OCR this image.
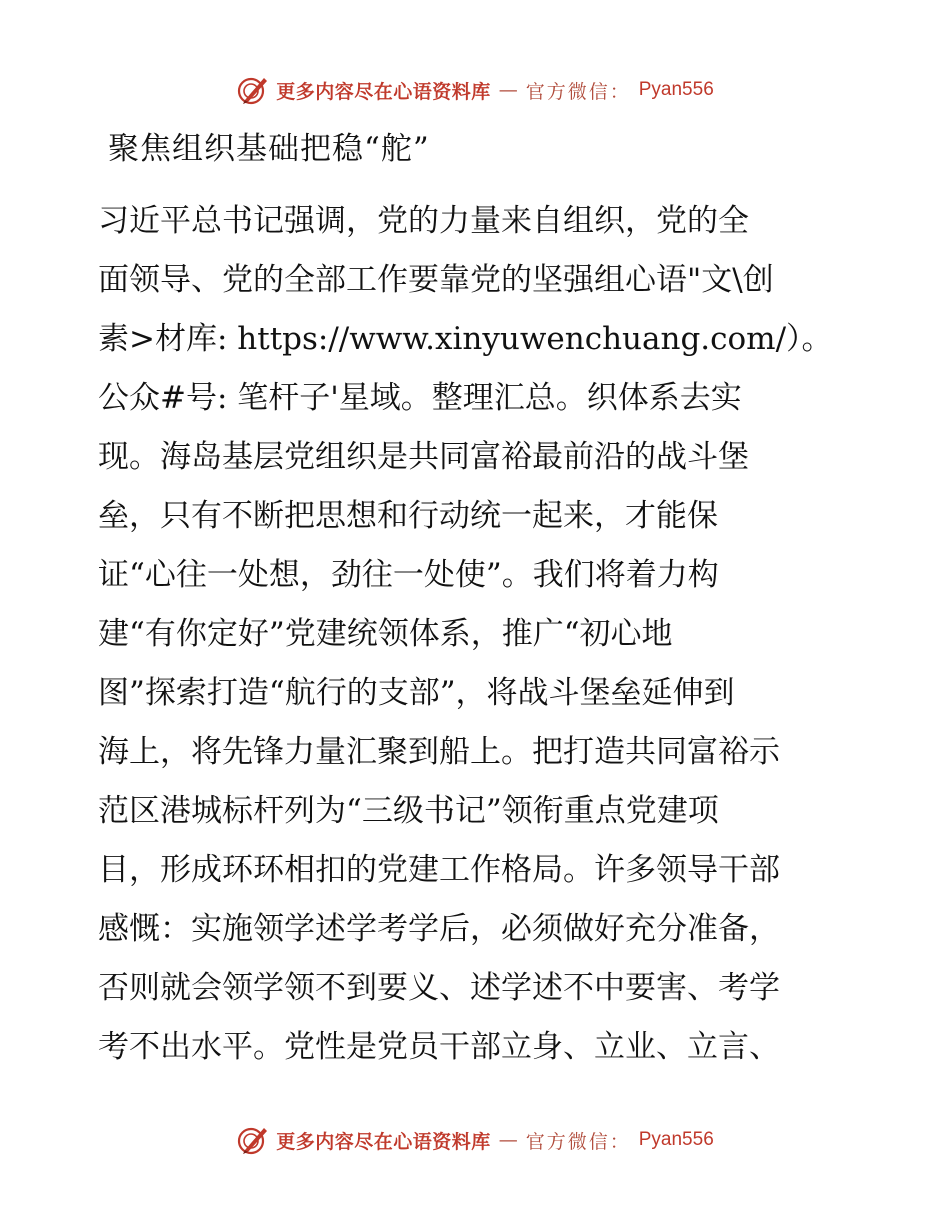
更多内容尽在心语资料库 — 官方微信： Pyan556
聚焦组织基础把稳“舵”
习近平总书记强调，党的力量来自组织，党的全
面领导、党的全部工作要靠党的坚强组心语"文\创
素>材库: https://www.xinyuwenchuang.com/）。
公众#号: 笔杆子'星域。整理汇总。织体系去实
现。海岛基层党组织是共同富裕最前沿的战斗堡
垒，只有不断把思想和行动统一起来，才能保
证“心往一处想，劲往一处使”。我们将着力构
建“有你定好”党建统领体系，推广“初心地
图”探索打造“航行的支部”，将战斗堡垒延伸到
海上，将先锋力量汇聚到船上。把打造共同富裕示
范区港城标杆列为“三级书记”领衔重点党建项
目，形成环环相扣的党建工作格局。许多领导干部
感慨：实施领学述学考学后，必须做好充分准备，
否则就会领学领不到要义、述学述不中要害、考学
考不出水平。党性是党员干部立身、立业、立言、
更多内容尽在心语资料库 — 官方微信： Pyan556
